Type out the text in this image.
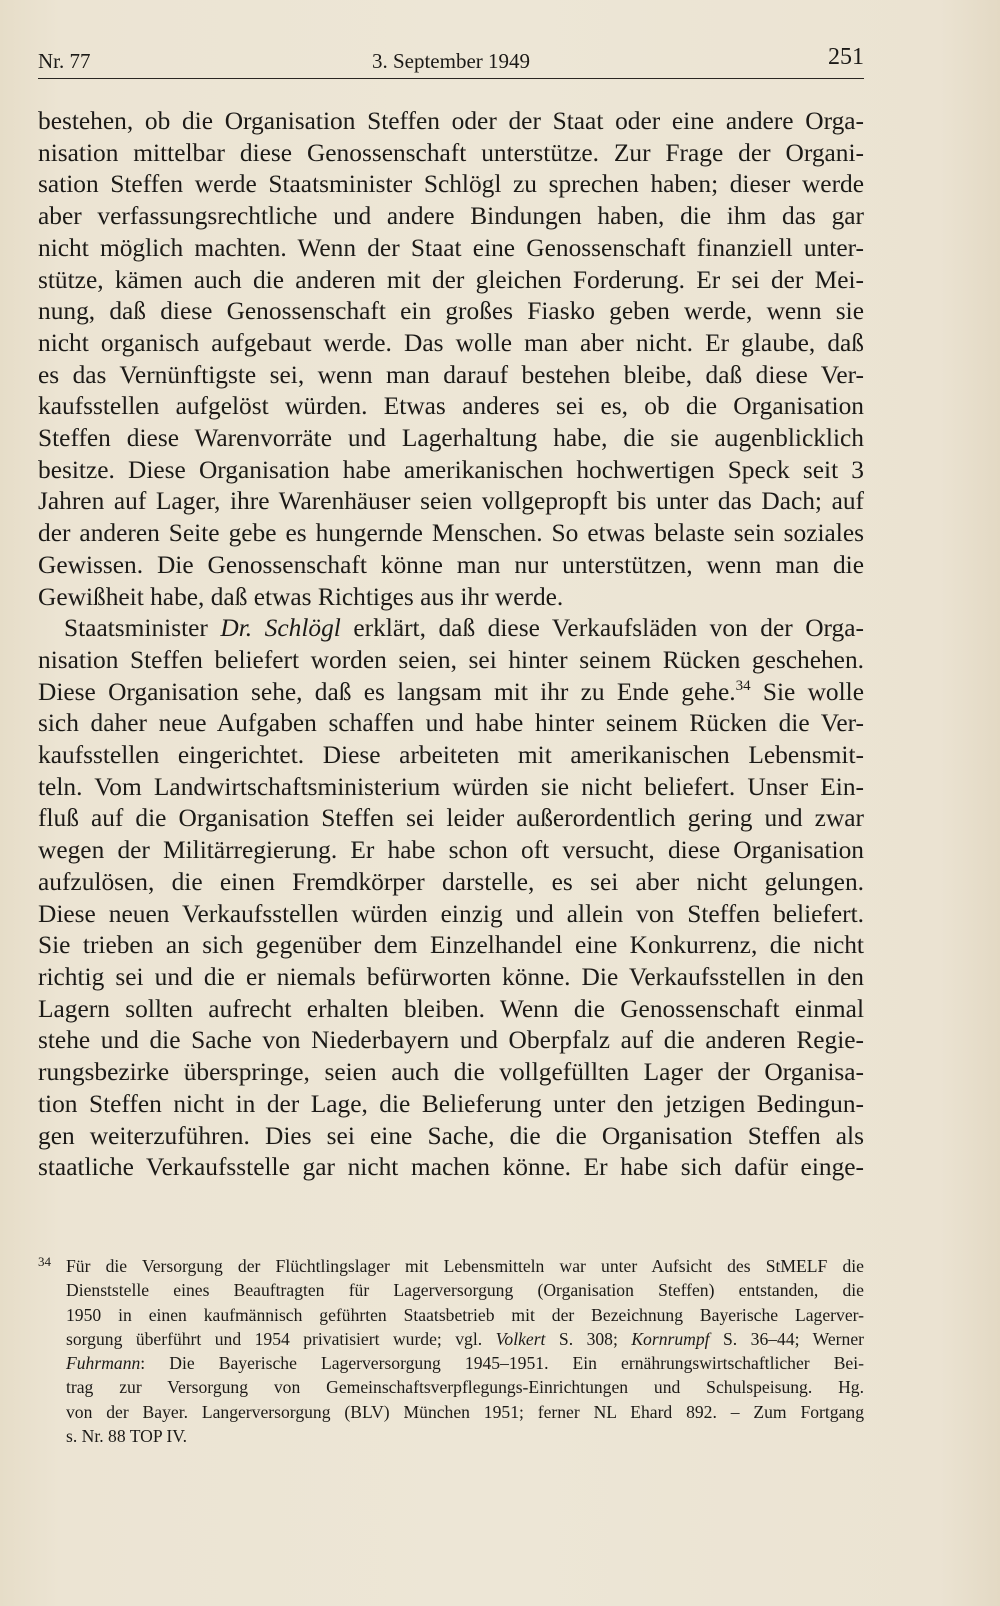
Nr. 77	3. September 1949	251

bestehen, ob die Organisation Steffen oder der Staat oder eine andere Orga-
nisation mittelbar diese Genossenschaft unterstütze. Zur Frage der Organi-
sation Steffen werde Staatsminister Schlögl zu sprechen haben; dieser werde
aber verfassungsrechtliche und andere Bindungen haben, die ihm das gar
nicht möglich machten. Wenn der Staat eine Genossenschaft finanziell unter-
stütze, kämen auch die anderen mit der gleichen Forderung. Er sei der Mei-
nung, daß diese Genossenschaft ein großes Fiasko geben werde, wenn sie
nicht organisch aufgebaut werde. Das wolle man aber nicht. Er glaube, daß
es das Vernünftigste sei, wenn man darauf bestehen bleibe, daß diese Ver-
kaufsstellen aufgelöst würden. Etwas anderes sei es, ob die Organisation
Steffen diese Warenvorräte und Lagerhaltung habe, die sie augenblicklich
besitze. Diese Organisation habe amerikanischen hochwertigen Speck seit 3
Jahren auf Lager, ihre Warenhäuser seien vollgepropft bis unter das Dach; auf
der anderen Seite gebe es hungernde Menschen. So etwas belaste sein soziales
Gewissen. Die Genossenschaft könne man nur unterstützen, wenn man die
Gewißheit habe, daß etwas Richtiges aus ihr werde.

Staatsminister Dr. Schlögl erklärt, daß diese Verkaufsläden von der Orga-
nisation Steffen beliefert worden seien, sei hinter seinem Rücken geschehen.
Diese Organisation sehe, daß es langsam mit ihr zu Ende gehe.$^{34}$ Sie wolle
sich daher neue Aufgaben schaffen und habe hinter seinem Rücken die Ver-
kaufsstellen eingerichtet. Diese arbeiteten mit amerikanischen Lebensmit-
teln. Vom Landwirtschaftsministerium würden sie nicht beliefert. Unser Ein-
fluß auf die Organisation Steffen sei leider außerordentlich gering und zwar
wegen der Militärregierung. Er habe schon oft versucht, diese Organisation
aufzulösen, die einen Fremdkörper darstelle, es sei aber nicht gelungen.
Diese neuen Verkaufsstellen würden einzig und allein von Steffen beliefert.
Sie trieben an sich gegenüber dem Einzelhandel eine Konkurrenz, die nicht
richtig sei und die er niemals befürworten könne. Die Verkaufsstellen in den
Lagern sollten aufrecht erhalten bleiben. Wenn die Genossenschaft einmal
stehe und die Sache von Niederbayern und Oberpfalz auf die anderen Regie-
rungsbezirke überspringe, seien auch die vollgefüllten Lager der Organisa-
tion Steffen nicht in der Lage, die Belieferung unter den jetzigen Bedingun-
gen weiterzuführen. Dies sei eine Sache, die die Organisation Steffen als
staatliche Verkaufsstelle gar nicht machen könne. Er habe sich dafür einge-

34 Für die Versorgung der Flüchtlingslager mit Lebensmitteln war unter Aufsicht des StMELF die
Dienststelle eines Beauftragten für Lagerversorgung (Organisation Steffen) entstanden, die
1950 in einen kaufmännisch geführten Staatsbetrieb mit der Bezeichnung Bayerische Lagerver-
sorgung überführt und 1954 privatisiert wurde; vgl. Volkert S. 308; Kornrumpf S. 36–44; Werner
Fuhrmann: Die Bayerische Lagerversorgung 1945–1951. Ein ernährungswirtschaftlicher Bei-
trag zur Versorgung von Gemeinschaftsverpflegungs-Einrichtungen und Schulspeisung. Hg.
von der Bayer. Langerversorgung (BLV) München 1951; ferner NL Ehard 892. – Zum Fortgang
s. Nr. 88 TOP IV.
